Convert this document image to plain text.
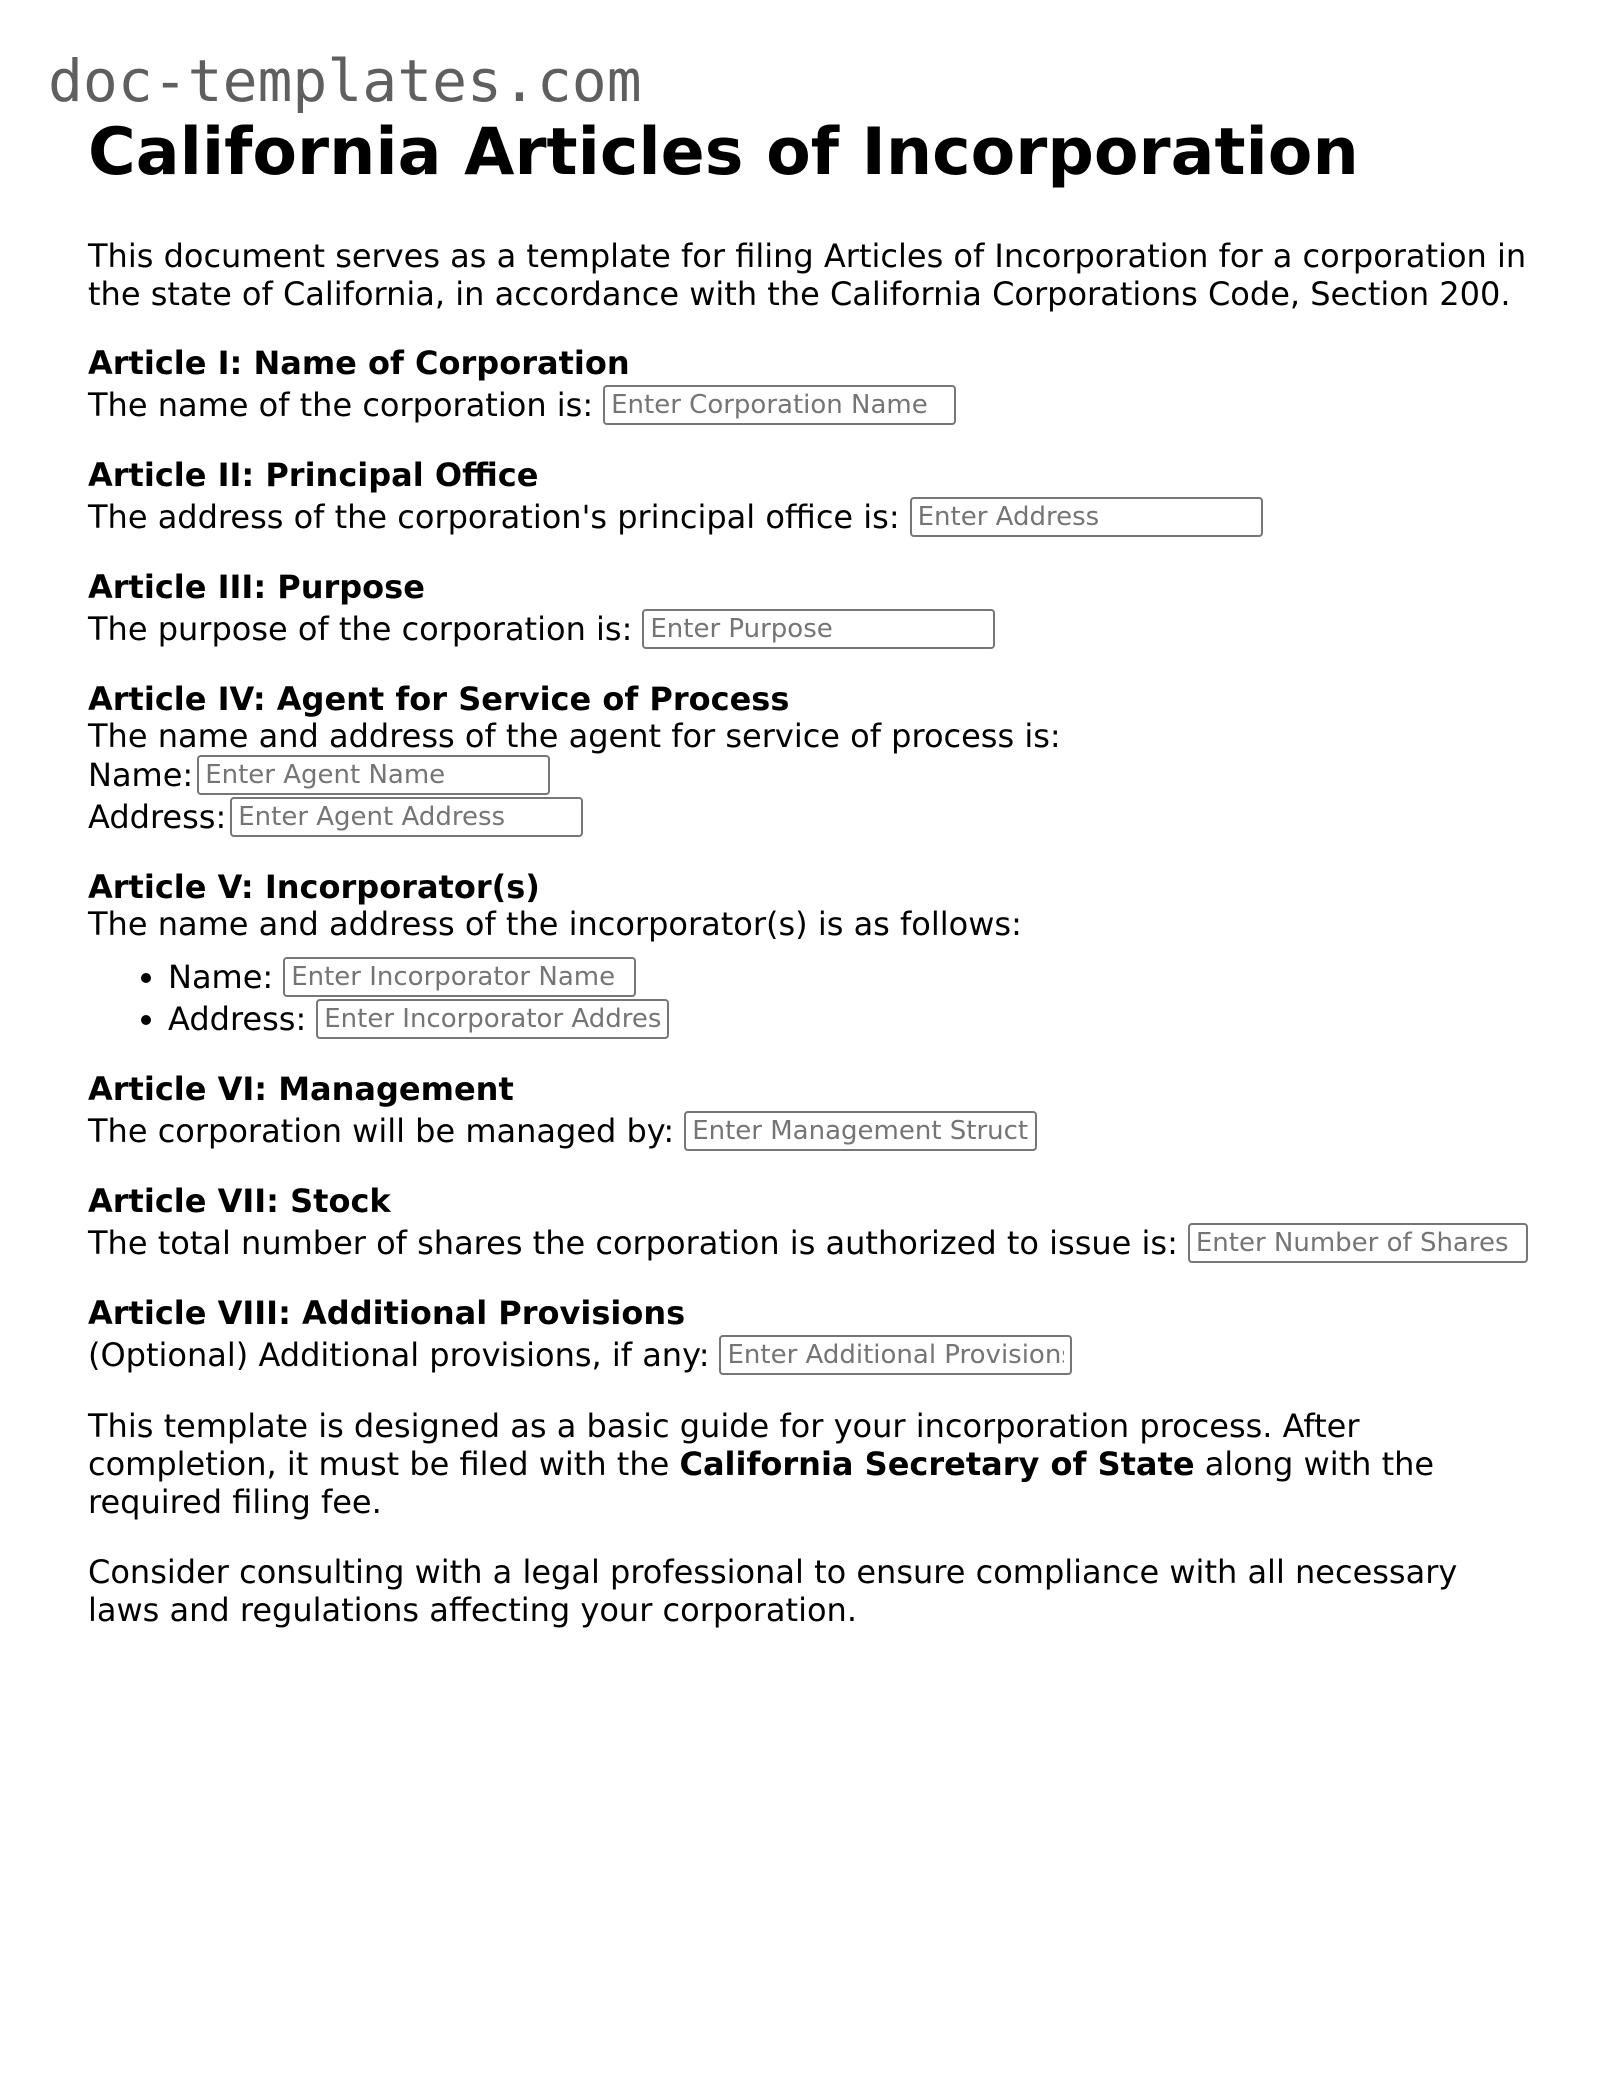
doc-templates.com
California Articles of Incorporation

This document serves as a template for filing Articles of Incorporation for a corporation in the state of California, in accordance with the California Corporations Code, Section 200.

Article I: Name of Corporation
The name of the corporation is:
Enter Corporation Name
Article II: Principal Office
The address of the corporation's principal office is:
Enter Address
Article III: Purpose
The purpose of the corporation is:
Enter Purpose
Article IV: Agent for Service of Process

The name and address of the agent for service of process is:

Name:
Enter Agent Name
Address:
Enter Agent Address
Article V: Incorporator(s)

The name and address of the incorporator(s) is as follows:

• Name:
Enter Incorporator Name
• Address:
Enter Incorporator Address
Article VI: Management
The corporation will be managed by:
Enter Management Structure
Article VII: Stock
The total number of shares the corporation is authorized to issue is:
Enter Number of Shares
Article VIII: Additional Provisions
(Optional) Additional provisions, if any:
Enter Additional Provisions

This template is designed as a basic guide for your incorporation process. After completion, it must be filed with the California Secretary of State along with the required filing fee.

Consider consulting with a legal professional to ensure compliance with all necessary laws and regulations affecting your corporation.
